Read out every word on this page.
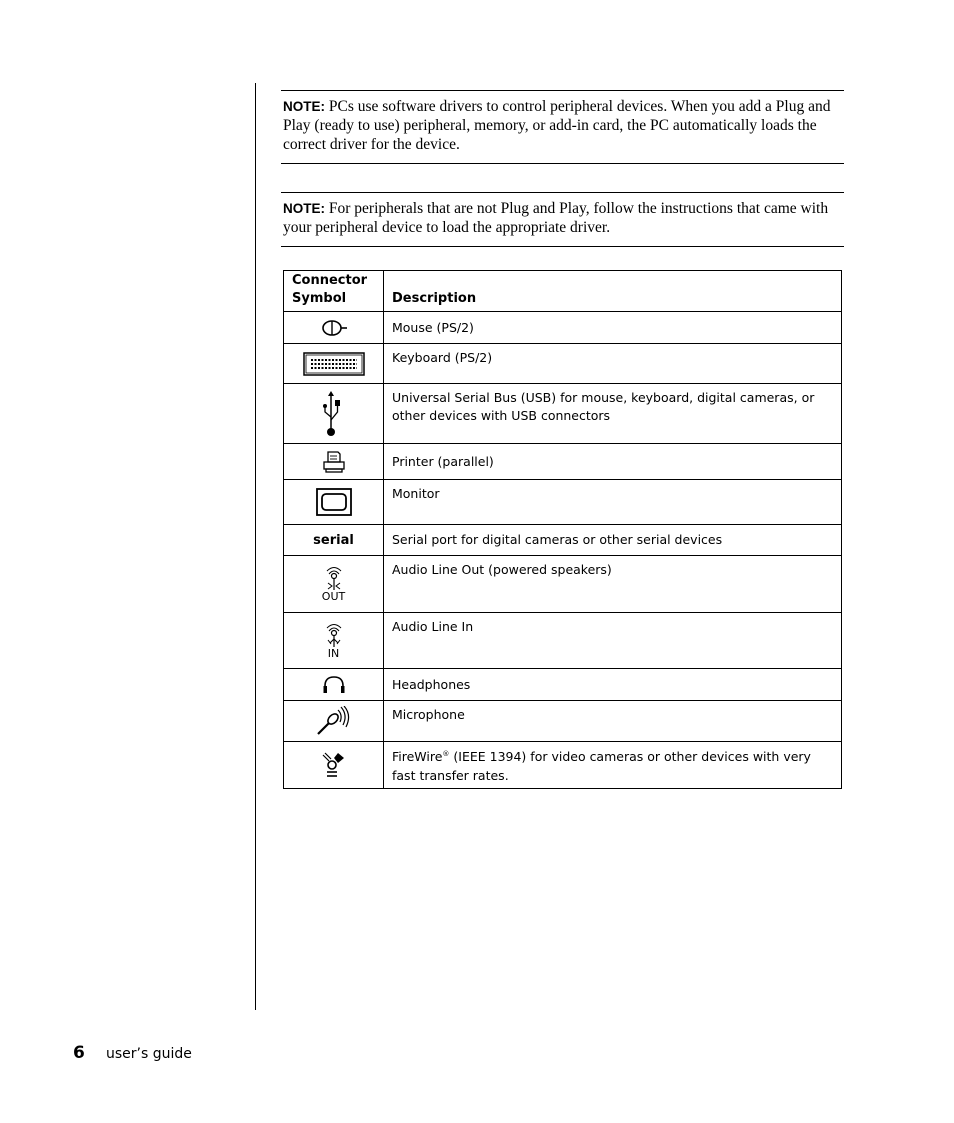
NOTE: PCs use software drivers to control peripheral devices. When you add a Plug and Play (ready to use) peripheral, memory, or add-in card, the PC automatically loads the correct driver for the device.
NOTE: For peripherals that are not Plug and Play, follow the instructions that came with your peripheral device to load the appropriate driver.
Connector Symbol	Description

	Mouse (PS/2)

	Keyboard (PS/2)

	Universal Serial Bus (USB) for mouse, keyboard, digital cameras, or other devices with USB connectors

	Printer (parallel)

	Monitor
serial	Serial port for digital cameras or other serial devices

OUT	Audio Line Out (powered speakers)

IN	Audio Line In

	Headphones

	Microphone

	FireWire® (IEEE 1394) for video cameras or other devices with very fast transfer rates.
6 user’s guide
